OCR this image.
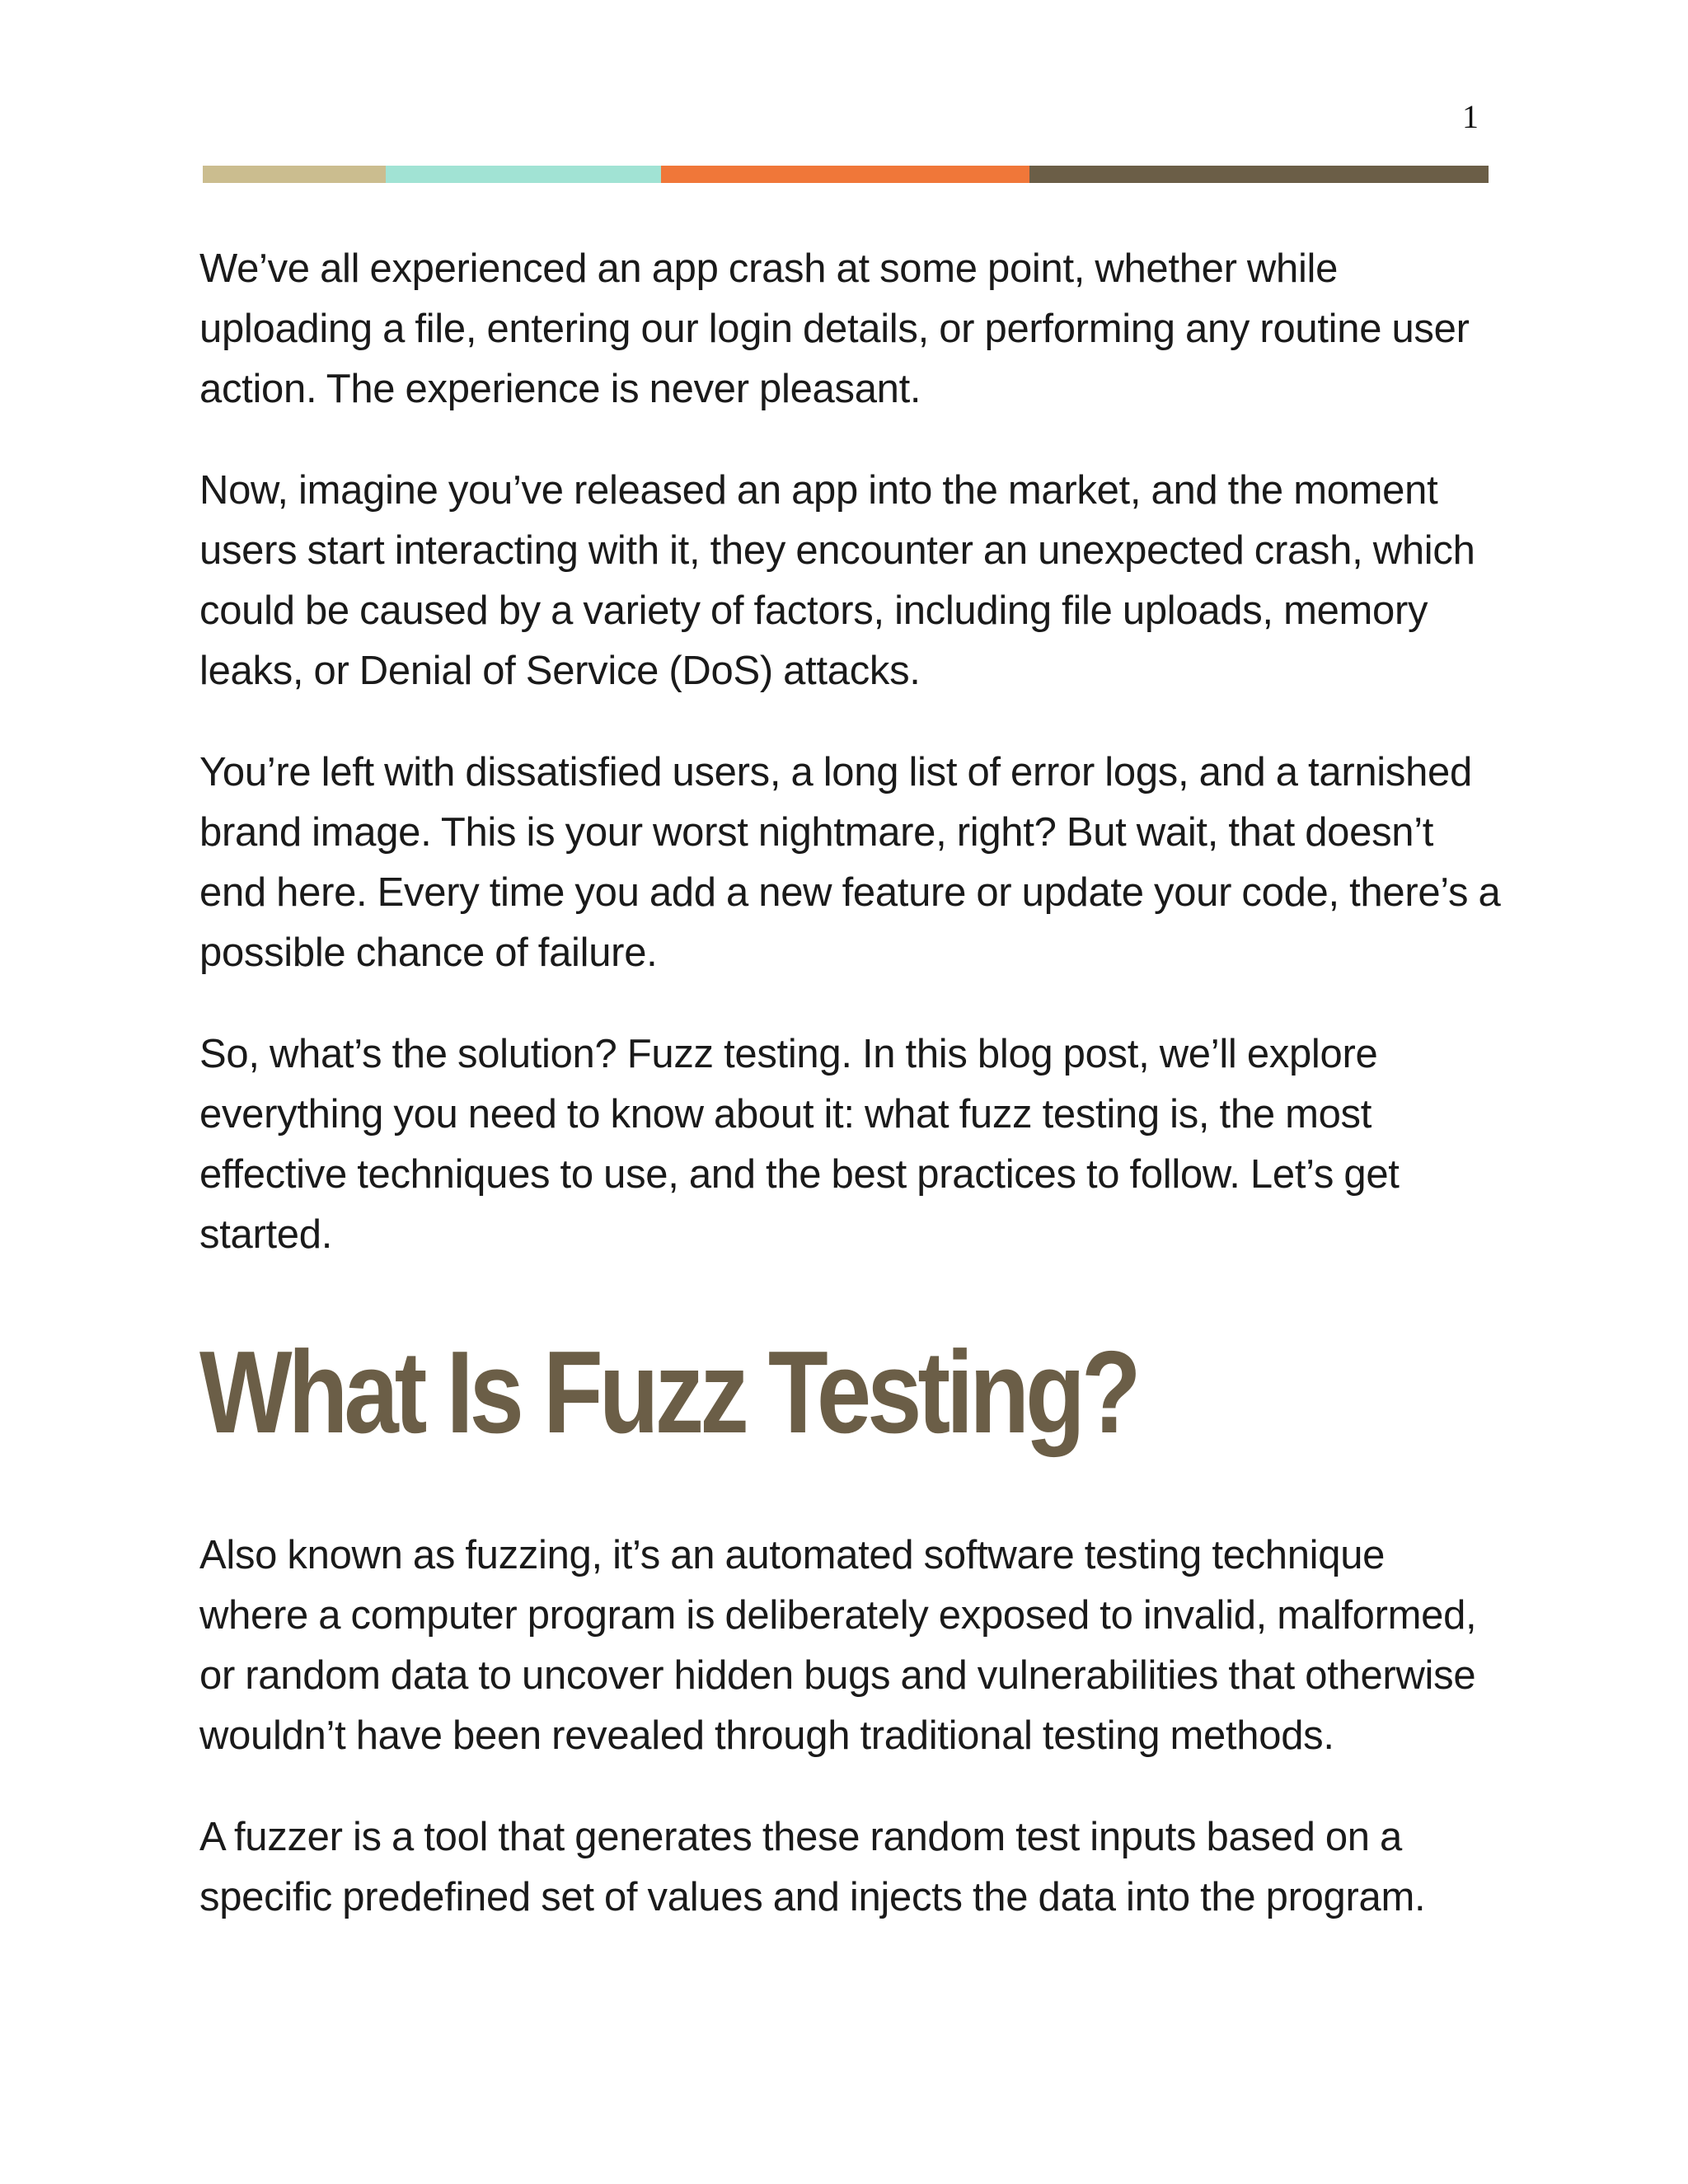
1

We’ve all experienced an app crash at some point, whether while uploading a file, entering our login details, or performing any routine user action. The experience is never pleasant.

Now, imagine you’ve released an app into the market, and the moment users start interacting with it, they encounter an unexpected crash, which could be caused by a variety of factors, including file uploads, memory leaks, or Denial of Service (DoS) attacks.

You’re left with dissatisfied users, a long list of error logs, and a tarnished brand image. This is your worst nightmare, right? But wait, that doesn’t end here. Every time you add a new feature or update your code, there’s a possible chance of failure.

So, what’s the solution? Fuzz testing. In this blog post, we’ll explore everything you need to know about it: what fuzz testing is, the most effective techniques to use, and the best practices to follow. Let’s get started.

What Is Fuzz Testing?

Also known as fuzzing, it’s an automated software testing technique where a computer program is deliberately exposed to invalid, malformed, or random data to uncover hidden bugs and vulnerabilities that otherwise wouldn’t have been revealed through traditional testing methods.

A fuzzer is a tool that generates these random test inputs based on a specific predefined set of values and injects the data into the program.
